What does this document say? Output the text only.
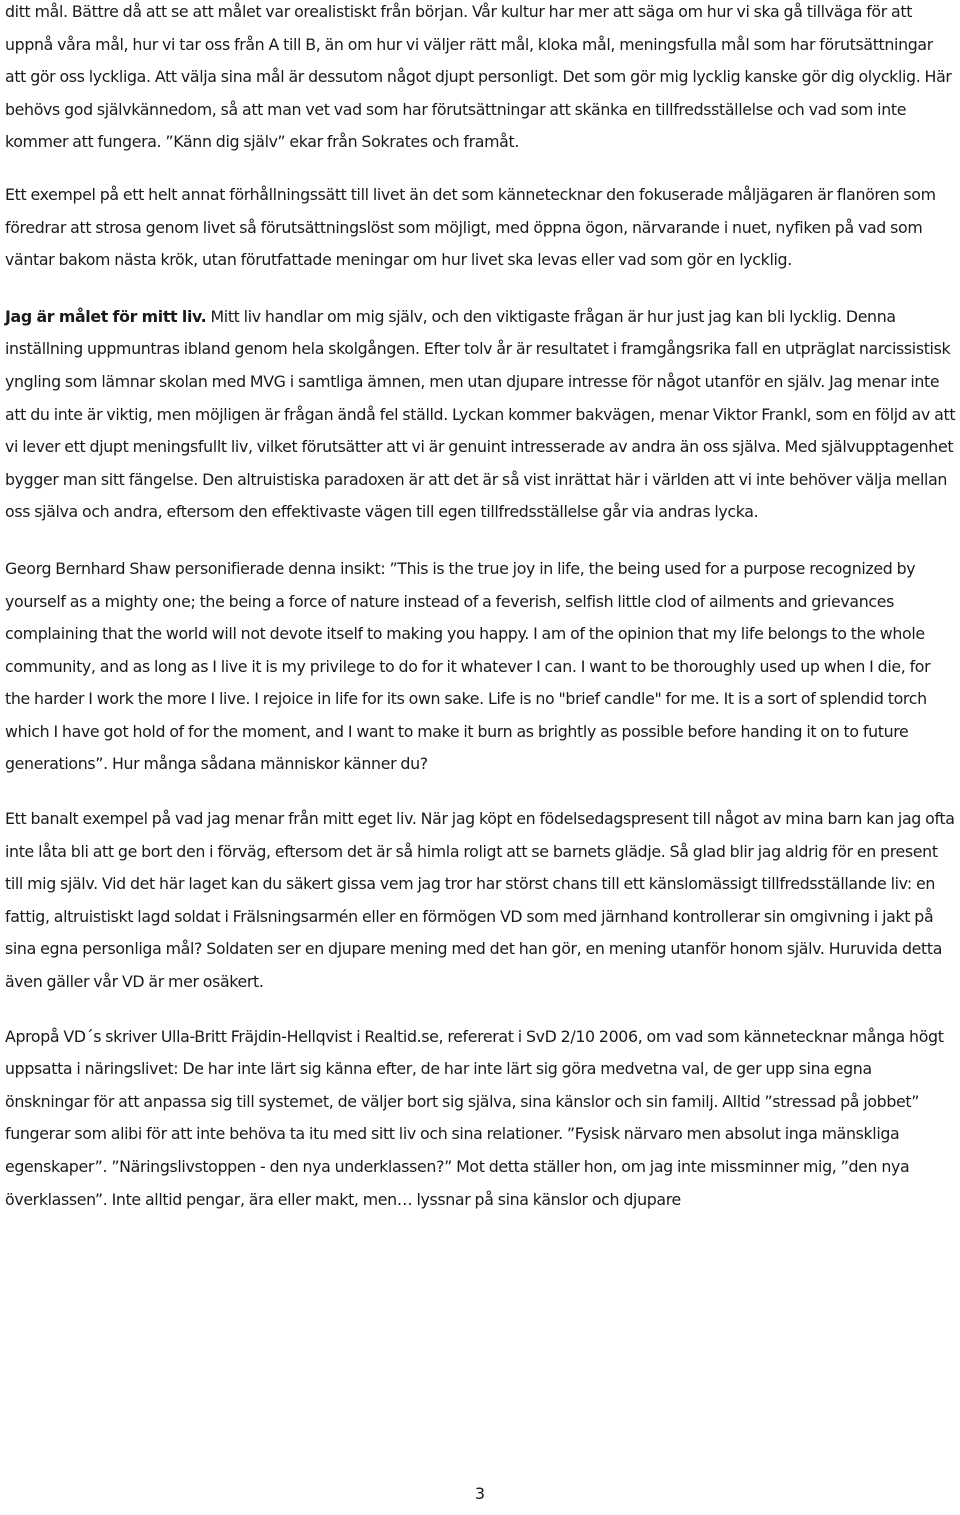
ditt mål. Bättre då att se att målet var orealistiskt från början. Vår kultur har mer att säga om hur vi ska gå tillväga för att uppnå våra mål, hur vi tar oss från A till B, än om hur vi väljer rätt mål, kloka mål, meningsfulla mål som har förutsättningar att gör oss lyckliga. Att välja sina mål är dessutom något djupt personligt. Det som gör mig lycklig kanske gör dig olycklig. Här behövs god självkännedom, så att man vet vad som har förutsättningar att skänka en tillfredsställelse och vad som inte kommer att fungera. ”Känn dig själv” ekar från Sokrates och framåt.

Ett exempel på ett helt annat förhållningssätt till livet än det som kännetecknar den fokuserade måljägaren är flanören som föredrar att strosa genom livet så förutsättningslöst som möjligt, med öppna ögon, närvarande i nuet, nyfiken på vad som väntar bakom nästa krök, utan förutfattade meningar om hur livet ska levas eller vad som gör en lycklig.

Jag är målet för mitt liv. Mitt liv handlar om mig själv, och den viktigaste frågan är hur just jag kan bli lycklig. Denna inställning uppmuntras ibland genom hela skolgången. Efter tolv år är resultatet i framgångsrika fall en utpräglat narcissistisk yngling som lämnar skolan med MVG i samtliga ämnen, men utan djupare intresse för något utanför en själv. Jag menar inte att du inte är viktig, men möjligen är frågan ändå fel ställd. Lyckan kommer bakvägen, menar Viktor Frankl, som en följd av att vi lever ett djupt meningsfullt liv, vilket förutsätter att vi är genuint intresserade av andra än oss själva. Med självupptagenhet bygger man sitt fängelse. Den altruistiska paradoxen är att det är så vist inrättat här i världen att vi inte behöver välja mellan oss själva och andra, eftersom den effektivaste vägen till egen tillfredsställelse går via andras lycka.

Georg Bernhard Shaw personifierade denna insikt: ”This is the true joy in life, the being used for a purpose recognized by yourself as a mighty one; the being a force of nature instead of a feverish, selfish little clod of ailments and grievances complaining that the world will not devote itself to making you happy. I am of the opinion that my life belongs to the whole community, and as long as I live it is my privilege to do for it whatever I can. I want to be thoroughly used up when I die, for the harder I work the more I live. I rejoice in life for its own sake. Life is no "brief candle" for me. It is a sort of splendid torch which I have got hold of for the moment, and I want to make it burn as brightly as possible before handing it on to future generations”. Hur många sådana människor känner du?

Ett banalt exempel på vad jag menar från mitt eget liv. När jag köpt en födelsedagspresent till något av mina barn kan jag ofta inte låta bli att ge bort den i förväg, eftersom det är så himla roligt att se barnets glädje. Så glad blir jag aldrig för en present till mig själv. Vid det här laget kan du säkert gissa vem jag tror har störst chans till ett känslomässigt tillfredsställande liv: en fattig, altruistiskt lagd soldat i Frälsningsarmén eller en förmögen VD som med järnhand kontrollerar sin omgivning i jakt på sina egna personliga mål? Soldaten ser en djupare mening med det han gör, en mening utanför honom själv. Huruvida detta även gäller vår VD är mer osäkert.

Apropå VD´s skriver Ulla-Britt Fräjdin-Hellqvist i Realtid.se, refererat i SvD 2/10 2006, om vad som kännetecknar många högt uppsatta i näringslivet: De har inte lärt sig känna efter, de har inte lärt sig göra medvetna val, de ger upp sina egna önskningar för att anpassa sig till systemet, de väljer bort sig själva, sina känslor och sin familj. Alltid ”stressad på jobbet” fungerar som alibi för att inte behöva ta itu med sitt liv och sina relationer. ”Fysisk närvaro men absolut inga mänskliga egenskaper”. ”Näringslivstoppen - den nya underklassen?” Mot detta ställer hon, om jag inte missminner mig, ”den nya överklassen”. Inte alltid pengar, ära eller makt, men… lyssnar på sina känslor och djupare

3
